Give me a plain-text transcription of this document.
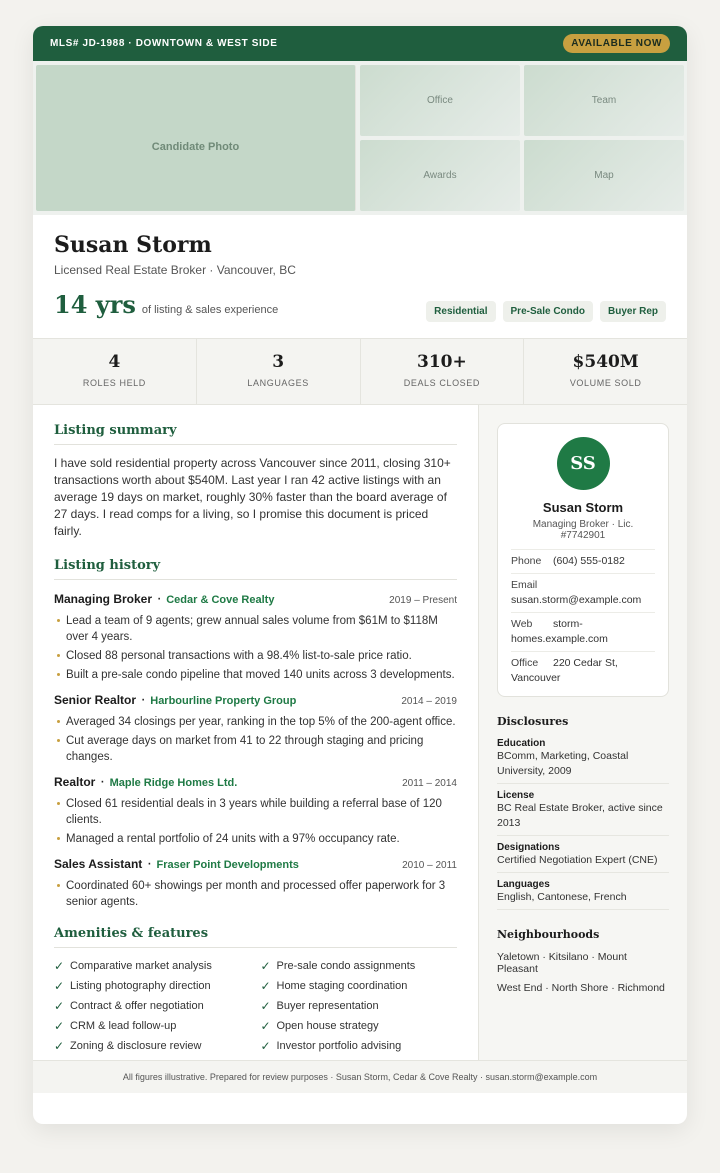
MLS# JD-1988 · DOWNTOWN & WEST SIDE	AVAILABLE NOW
Candidate Photo
Office	Team
Awards	Map
Susan Storm
Licensed Real Estate Broker · Vancouver, BC
14 yrs of listing & sales experience	Residential	Pre-Sale Condo	Buyer Rep
4
ROLES HELD
3
LANGUAGES
310+
DEALS CLOSED
$540M
VOLUME SOLD
Listing summary

I have sold residential property across Vancouver since 2011, closing 310+ transactions worth about $540M. Last year I ran 42 active listings with an average 19 days on market, roughly 30% faster than the board average of 27 days. I read comps for a living, so I promise this document is priced fairly.

Listing history
Managing Broker · Cedar & Cove Realty	2019 – Present
Lead a team of 9 agents; grew annual sales volume from $61M to $118M over 4 years.
Closed 88 personal transactions with a 98.4% list-to-sale price ratio.
Built a pre-sale condo pipeline that moved 140 units across 3 developments.
Senior Realtor · Harbourline Property Group	2014 – 2019
Averaged 34 closings per year, ranking in the top 5% of the 200-agent office.
Cut average days on market from 41 to 22 through staging and pricing changes.
Realtor · Maple Ridge Homes Ltd.	2011 – 2014
Closed 61 residential deals in 3 years while building a referral base of 120 clients.
Managed a rental portfolio of 24 units with a 97% occupancy rate.
Sales Assistant · Fraser Point Developments	2010 – 2011
Coordinated 60+ showings per month and processed offer paperwork for 3 senior agents.
Amenities & features
✓ Comparative market analysis	✓ Pre-sale condo assignments
✓ Listing photography direction	✓ Home staging coordination
✓ Contract & offer negotiation	✓ Buyer representation
✓ CRM & lead follow-up	✓ Open house strategy
✓ Zoning & disclosure review	✓ Investor portfolio advising
SS
Susan Storm
Managing Broker · Lic. #7742901
Phone (604) 555-0182
Email
susan.storm@example.com
Web storm-homes.example.com
Office 220 Cedar St, Vancouver
Disclosures
Education
BComm, Marketing, Coastal University, 2009
License
BC Real Estate Broker, active since 2013
Designations
Certified Negotiation Expert (CNE)
Languages
English, Cantonese, French
Neighbourhoods
Yaletown · Kitsilano · Mount Pleasant
West End · North Shore · Richmond
All figures illustrative. Prepared for review purposes · Susan Storm, Cedar & Cove Realty · susan.storm@example.com
